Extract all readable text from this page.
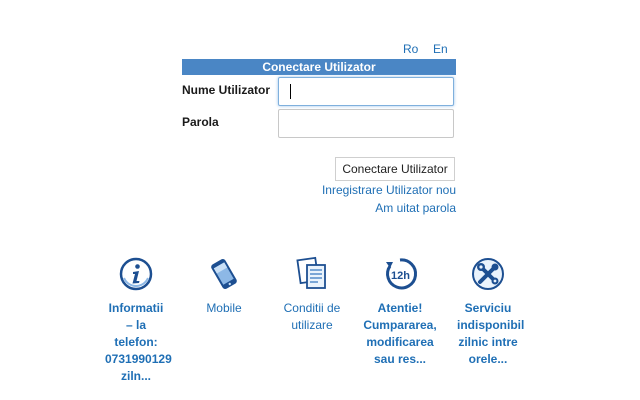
Ro En
Conectare Utilizator
Nume Utilizator
Parola
Conectare Utilizator
Inregistrare Utilizator nou
Am uitat parola
Informatii – la telefon: 0731990129 ziln...
Mobile	Conditii de utilizare
12h
Atentie! Cumpararea, modificarea sau res...
Serviciu indisponibil zilnic intre orele...
